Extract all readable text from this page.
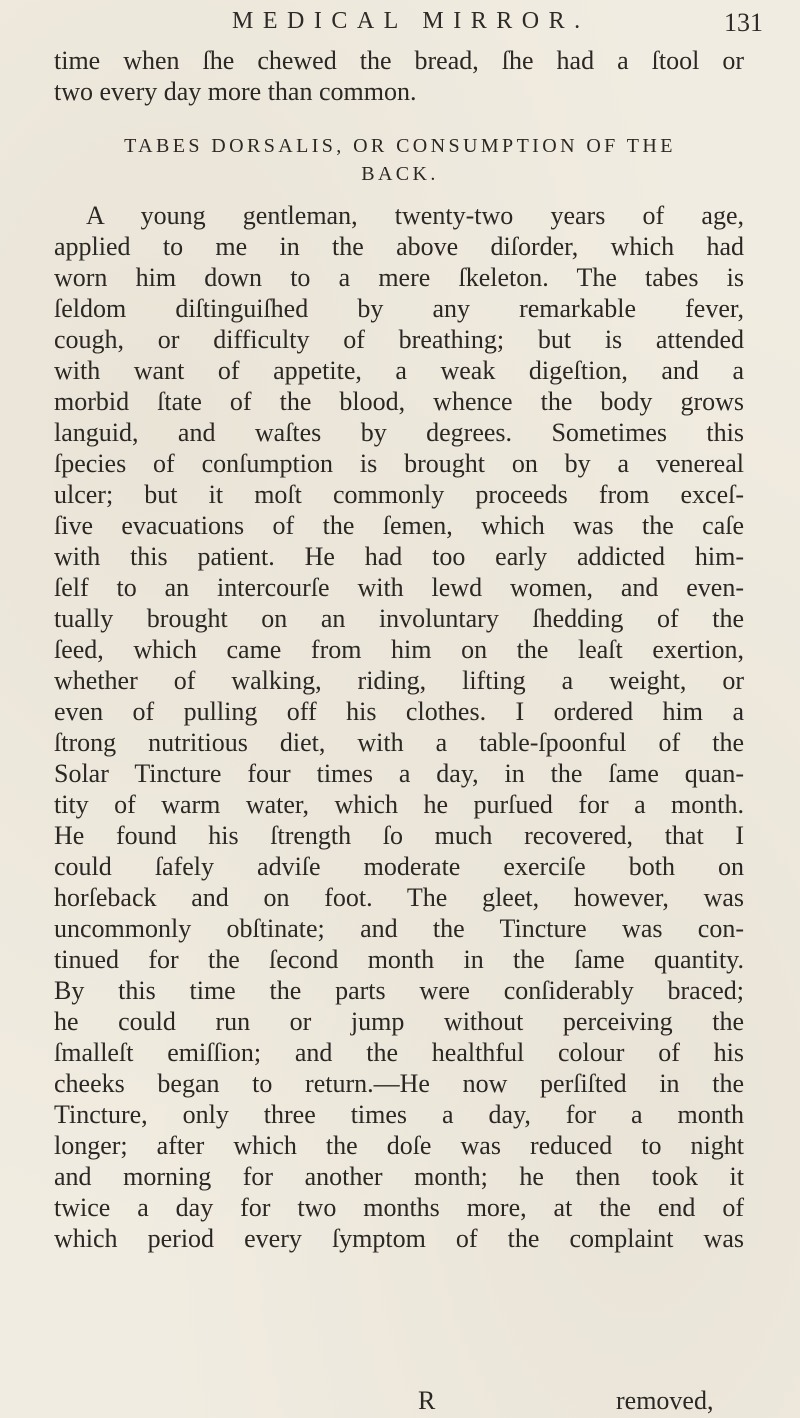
MEDICAL MIRROR.	131
time when ſhe chewed the bread, ſhe had a ſtool or
two every day more than common.
TABES DORSALIS, OR CONSUMPTION OF THE
BACK.
A young gentleman, twenty-two years of age,
applied to me in the above diſorder, which had
worn him down to a mere ſkeleton. The tabes is
ſeldom diſtinguiſhed by any remarkable fever,
cough, or difficulty of breathing; but is attended
with want of appetite, a weak digeſtion, and a
morbid ſtate of the blood, whence the body grows
languid, and waſtes by degrees. Sometimes this
ſpecies of conſumption is brought on by a venereal
ulcer; but it moſt commonly proceeds from exceſ-
ſive evacuations of the ſemen, which was the caſe
with this patient. He had too early addicted him-
ſelf to an intercourſe with lewd women, and even-
tually brought on an involuntary ſhedding of the
ſeed, which came from him on the leaſt exertion,
whether of walking, riding, lifting a weight, or
even of pulling off his clothes. I ordered him a
ſtrong nutritious diet, with a table-ſpoonful of the
Solar Tincture four times a day, in the ſame quan-
tity of warm water, which he purſued for a month.
He found his ſtrength ſo much recovered, that I
could ſafely adviſe moderate exerciſe both on
horſeback and on foot. The gleet, however, was
uncommonly obſtinate; and the Tincture was con-
tinued for the ſecond month in the ſame quantity.
By this time the parts were conſiderably braced;
he could run or jump without perceiving the
ſmalleſt emiſſion; and the healthful colour of his
cheeks began to return.—He now perſiſted in the
Tincture, only three times a day, for a month
longer; after which the doſe was reduced to night
and morning for another month; he then took it
twice a day for two months more, at the end of
which period every ſymptom of the complaint was
R	removed,
